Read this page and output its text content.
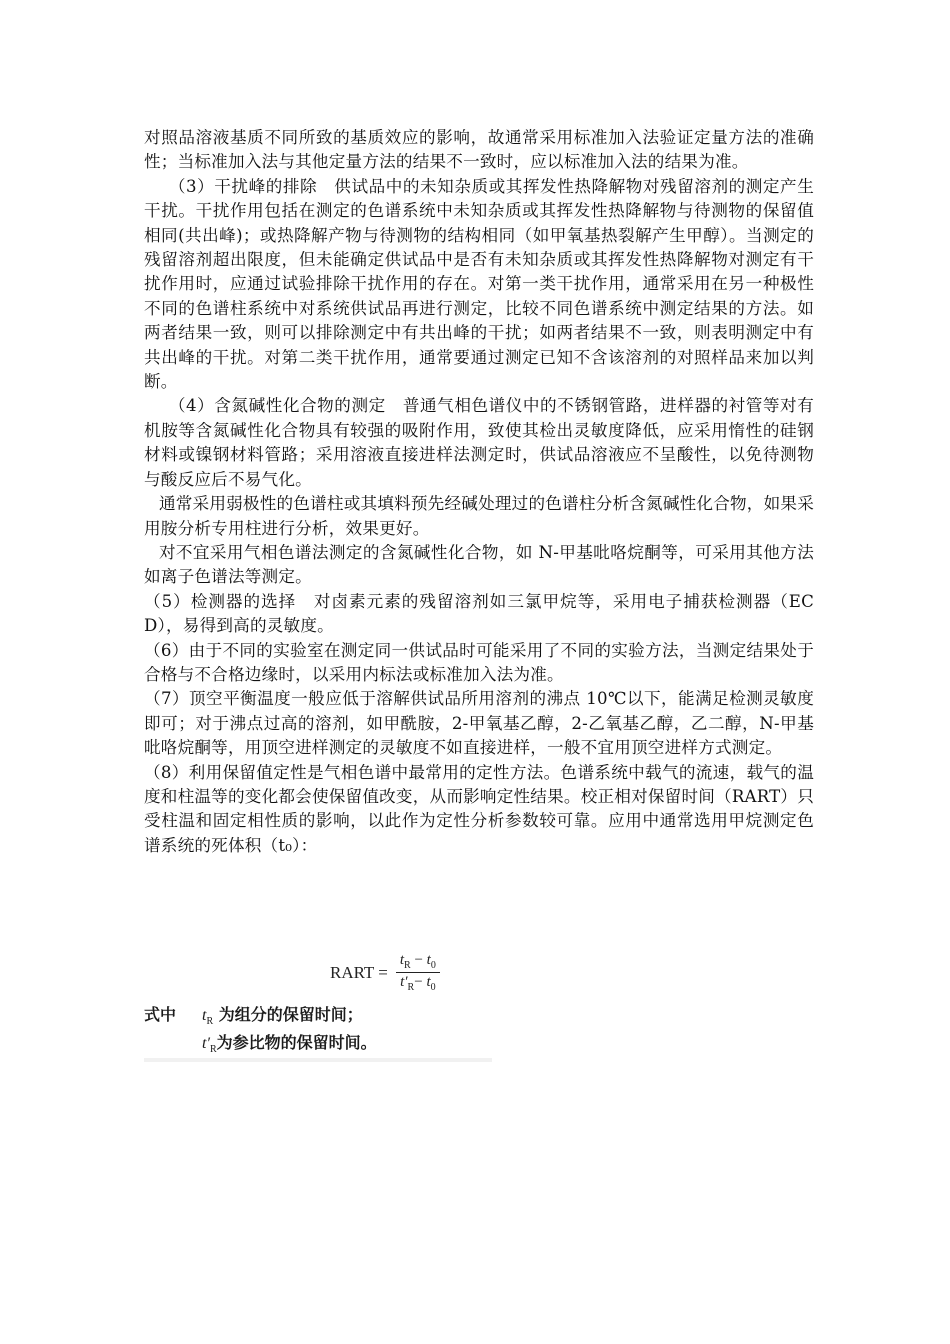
对照品溶液基质不同所致的基质效应的影响，故通常采用标准加入法验证定量方法的准确性；当标准加入法与其他定量方法的结果不一致时，应以标准加入法的结果为准。

（3）干扰峰的排除　供试品中的未知杂质或其挥发性热降解物对残留溶剂的测定产生干扰。干扰作用包括在测定的色谱系统中未知杂质或其挥发性热降解物与待测物的保留值相同(共出峰)；或热降解产物与待测物的结构相同（如甲氧基热裂解产生甲醇）。当测定的残留溶剂超出限度，但未能确定供试品中是否有未知杂质或其挥发性热降解物对测定有干扰作用时，应通过试验排除干扰作用的存在。对第一类干扰作用，通常采用在另一种极性不同的色谱柱系统中对系统供试品再进行测定，比较不同色谱系统中测定结果的方法。如两者结果一致，则可以排除测定中有共出峰的干扰；如两者结果不一致，则表明测定中有共出峰的干扰。对第二类干扰作用，通常要通过测定已知不含该溶剂的对照样品来加以判断。

（4）含氮碱性化合物的测定　普通气相色谱仪中的不锈钢管路，进样器的衬管等对有机胺等含氮碱性化合物具有较强的吸附作用，致使其检出灵敏度降低，应采用惰性的硅钢材料或镍钢材料管路；采用溶液直接进样法测定时，供试品溶液应不呈酸性，以免待测物与酸反应后不易气化。

通常采用弱极性的色谱柱或其填料预先经碱处理过的色谱柱分析含氮碱性化合物，如果采用胺分析专用柱进行分析，效果更好。

对不宜采用气相色谱法测定的含氮碱性化合物，如 N-甲基吡咯烷酮等，可采用其他方法如离子色谱法等测定。

（5）检测器的选择　对卤素元素的残留溶剂如三氯甲烷等，采用电子捕获检测器（ECD），易得到高的灵敏度。

（6）由于不同的实验室在测定同一供试品时可能采用了不同的实验方法，当测定结果处于合格与不合格边缘时，以采用内标法或标准加入法为准。

（7）顶空平衡温度一般应低于溶解供试品所用溶剂的沸点 10℃以下，能满足检测灵敏度即可；对于沸点过高的溶剂，如甲酰胺，2-甲氧基乙醇，2-乙氧基乙醇，乙二醇，N-甲基吡咯烷酮等，用顶空进样测定的灵敏度不如直接进样，一般不宜用顶空进样方式测定。

（8）利用保留值定性是气相色谱中最常用的定性方法。色谱系统中载气的流速，载气的温度和柱温等的变化都会使保留值改变，从而影响定性结果。校正相对保留时间（RART）只受柱温和固定相性质的影响，以此作为定性分析参数较可靠。应用中通常选用甲烷测定色谱系统的死体积（t₀）：

RART = $\frac{t_R - t_0}{t'_R- t_0}$
式中 $t_R$ 为组分的保留时间；
$t'_R$为参比物的保留时间。
